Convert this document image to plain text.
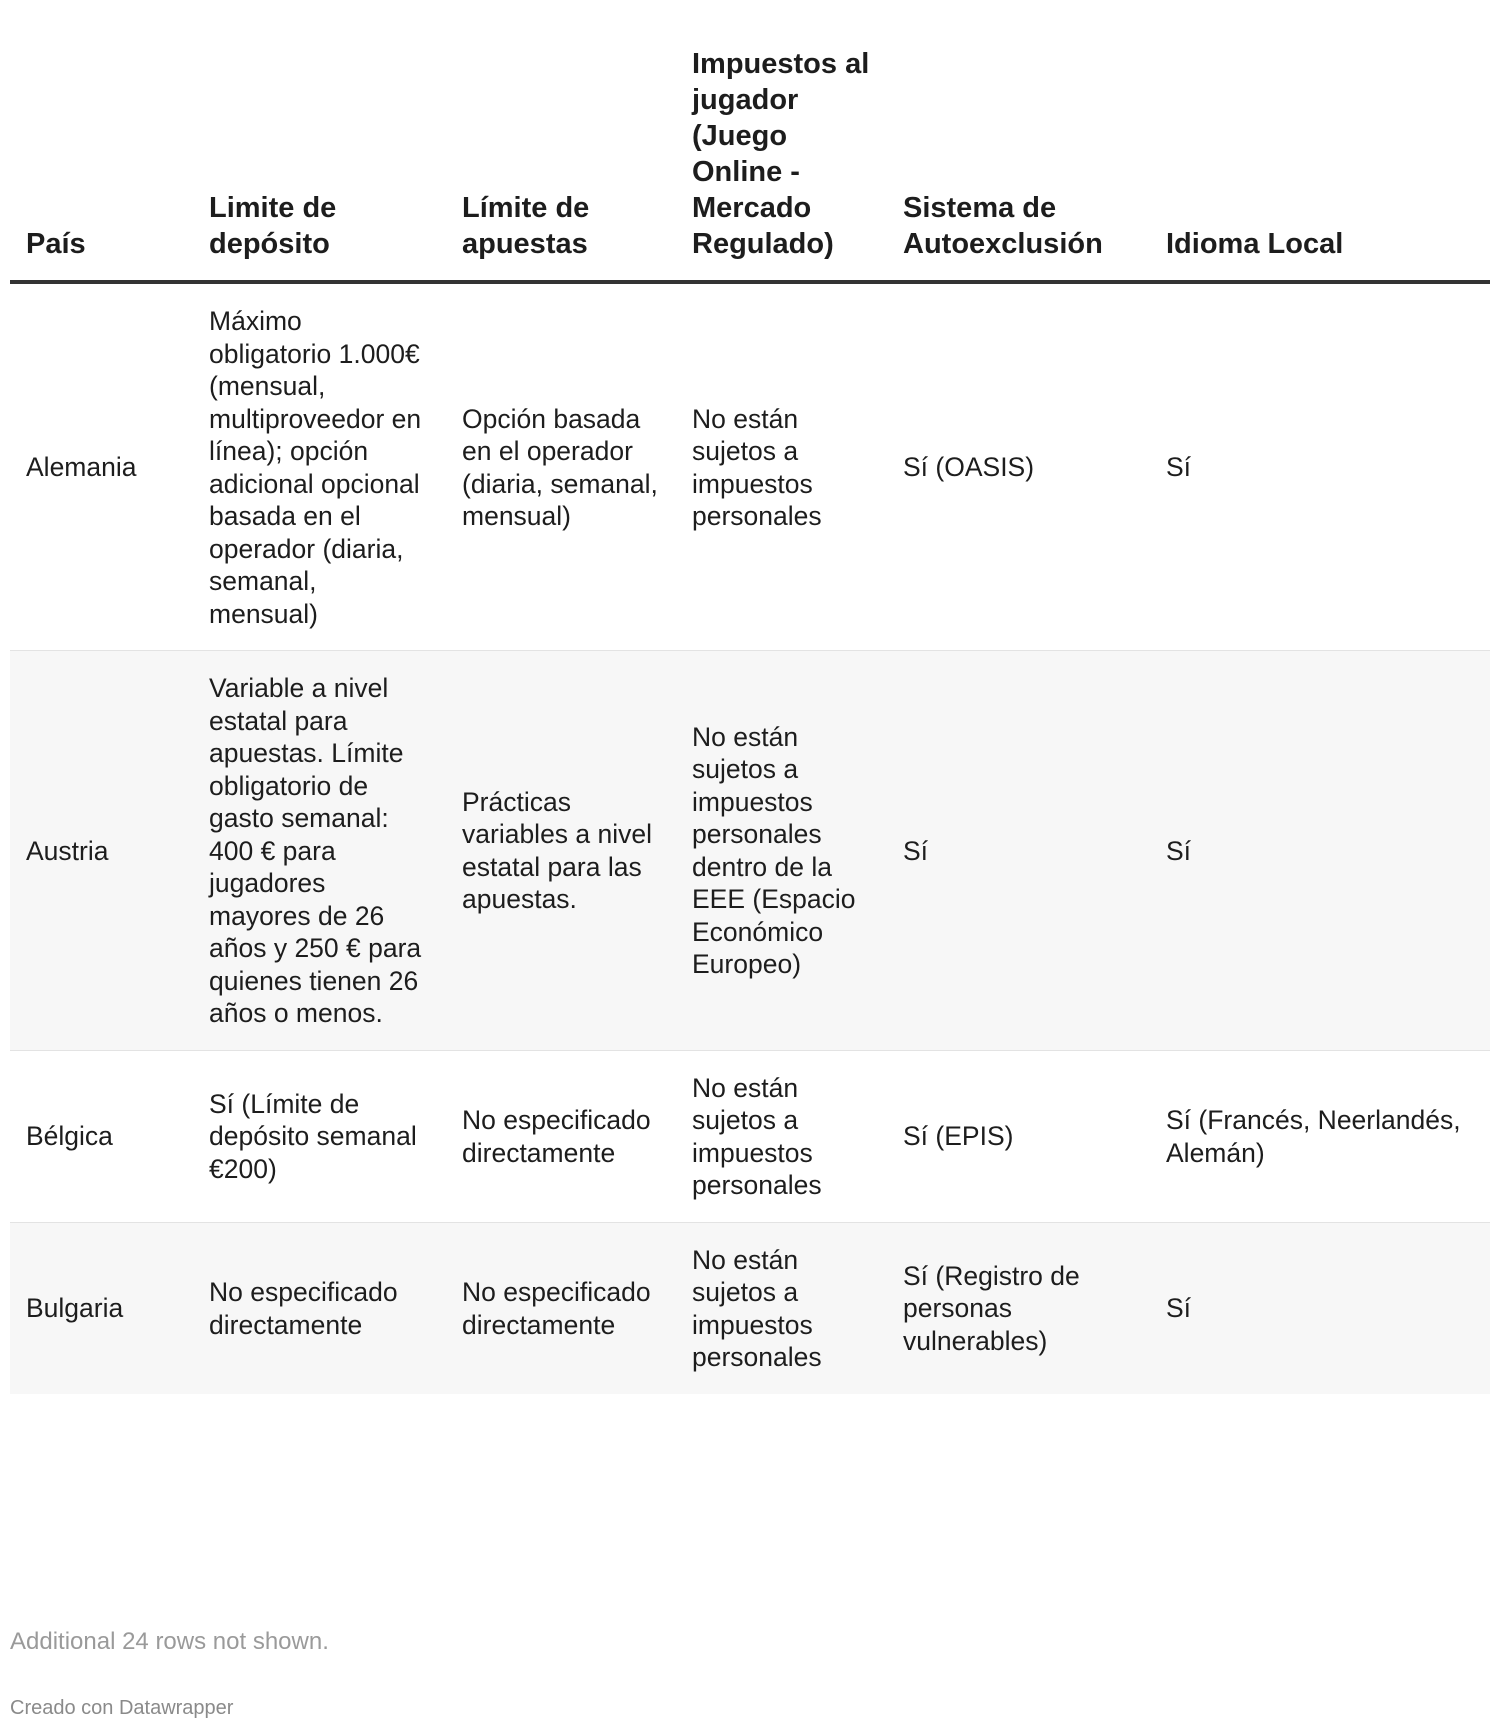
País	Limite de depósito	Límite de apuestas	Impuestos al jugador (Juego Online - Mercado Regulado)	Sistema de Autoexclusión	Idioma Local
Alemania	Máximo obligatorio 1.000€ (mensual, multiproveedor en línea); opción adicional opcional basada en el operador (diaria, semanal, mensual)	Opción basada en el operador (diaria, semanal, mensual)	No están sujetos a impuestos personales	Sí (OASIS)	Sí
Austria	Variable a nivel estatal para apuestas. Límite obligatorio de gasto semanal: 400 € para jugadores mayores de 26 años y 250 € para quienes tienen 26 años o menos.	Prácticas variables a nivel estatal para las apuestas.	No están sujetos a impuestos personales dentro de la EEE (Espacio Económico Europeo)	Sí	Sí
Bélgica	Sí (Límite de depósito semanal €200)	No especificado directamente	No están sujetos a impuestos personales	Sí (EPIS)	Sí (Francés, Neerlandés, Alemán)
Bulgaria	No especificado directamente	No especificado directamente	No están sujetos a impuestos personales	Sí (Registro de personas vulnerables)	Sí
Additional 24 rows not shown.
Creado con Datawrapper
